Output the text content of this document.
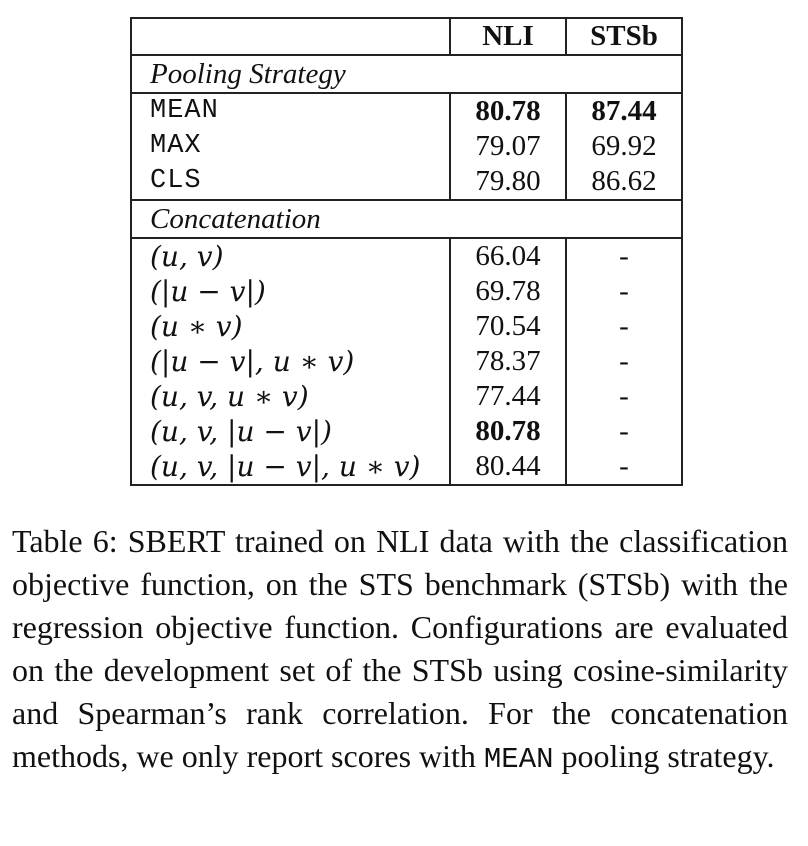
	NLI	STSb
Pooling Strategy		
MEAN	80.78	87.44
MAX	79.07	69.92
CLS	79.80	86.62
Concatenation		
(u, v)	66.04	-
(|u − v|)	69.78	-
(u ∗ v)	70.54	-
(|u − v|, u ∗ v)	78.37	-
(u, v, u ∗ v)	77.44	-
(u, v, |u − v|)	80.78	-
(u, v, |u − v|, u ∗ v)	80.44	-
Table 6: SBERT trained on NLI data with the classification objective function, on the STS benchmark (STSb) with the regression objective function. Configurations are evaluated on the development set of the STSb using cosine-similarity and Spearman’s rank correlation. For the concatenation methods, we only report scores with MEAN pooling strategy.
